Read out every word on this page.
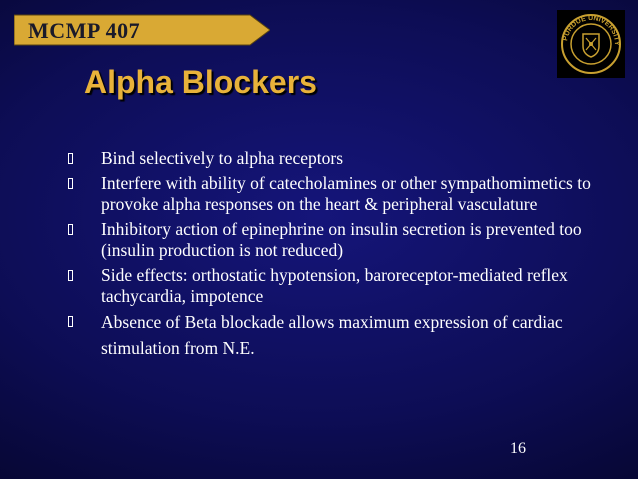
MCMP 407	PURDUE UNIVERSITY
Alpha Blockers
Bind selectively to alpha receptors
Interfere with ability of catecholamines or other sympathomimetics to provoke alpha responses on the heart & peripheral vasculature
Inhibitory action of epinephrine on insulin secretion is prevented too (insulin production is not reduced)
Side effects: orthostatic hypotension, baroreceptor-mediated reflex tachycardia, impotence
Absence of Beta blockade allows maximum expression of cardiac stimulation from N.E.
16
